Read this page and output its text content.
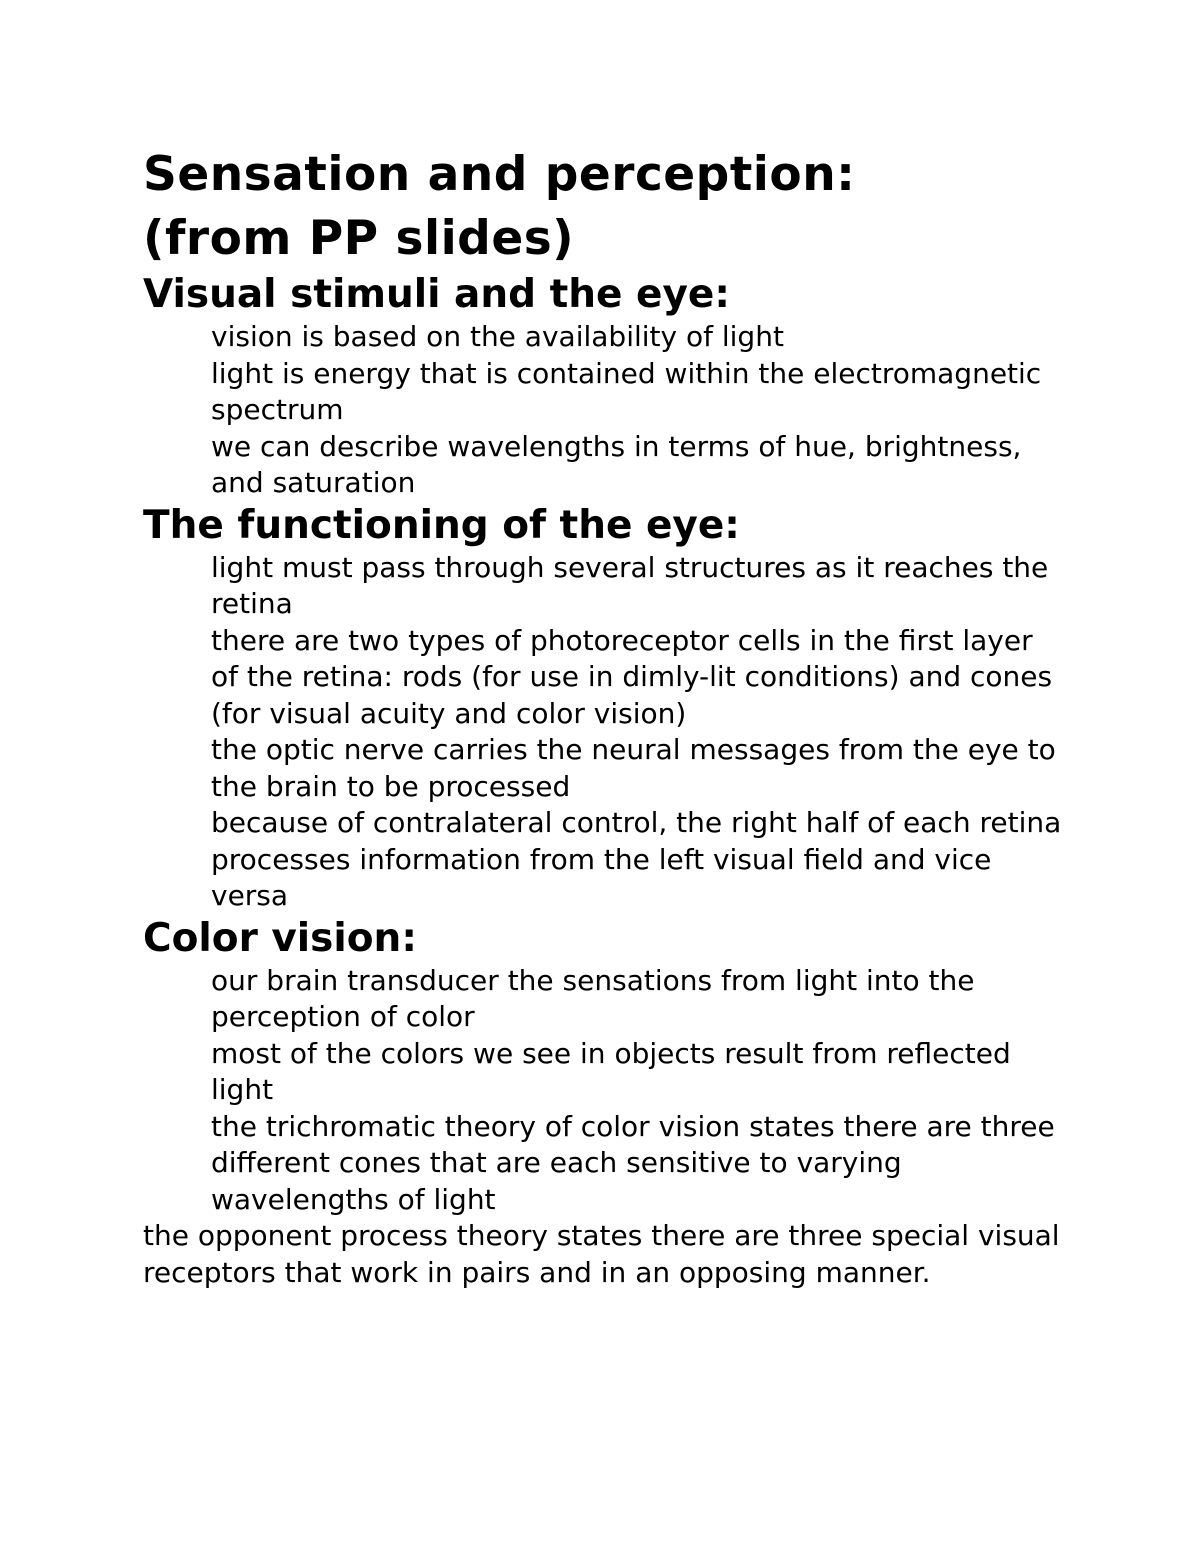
Sensation and perception:
(from PP slides)
Visual stimuli and the eye:

vision is based on the availability of light

light is energy that is contained within the electromagnetic spectrum

we can describe wavelengths in terms of hue, brightness, and saturation

The functioning of the eye:

light must pass through several structures as it reaches the retina

there are two types of photoreceptor cells in the first layer of the retina: rods (for use in dimly-lit conditions) and cones (for visual acuity and color vision)

the optic nerve carries the neural messages from the eye to the brain to be processed

because of contralateral control, the right half of each retina processes information from the left visual field and vice versa

Color vision:

our brain transducer the sensations from light into the perception of color

most of the colors we see in objects result from reflected light

the trichromatic theory of color vision states there are three different cones that are each sensitive to varying wavelengths of light

the opponent process theory states there are three special visual receptors that work in pairs and in an opposing manner.
